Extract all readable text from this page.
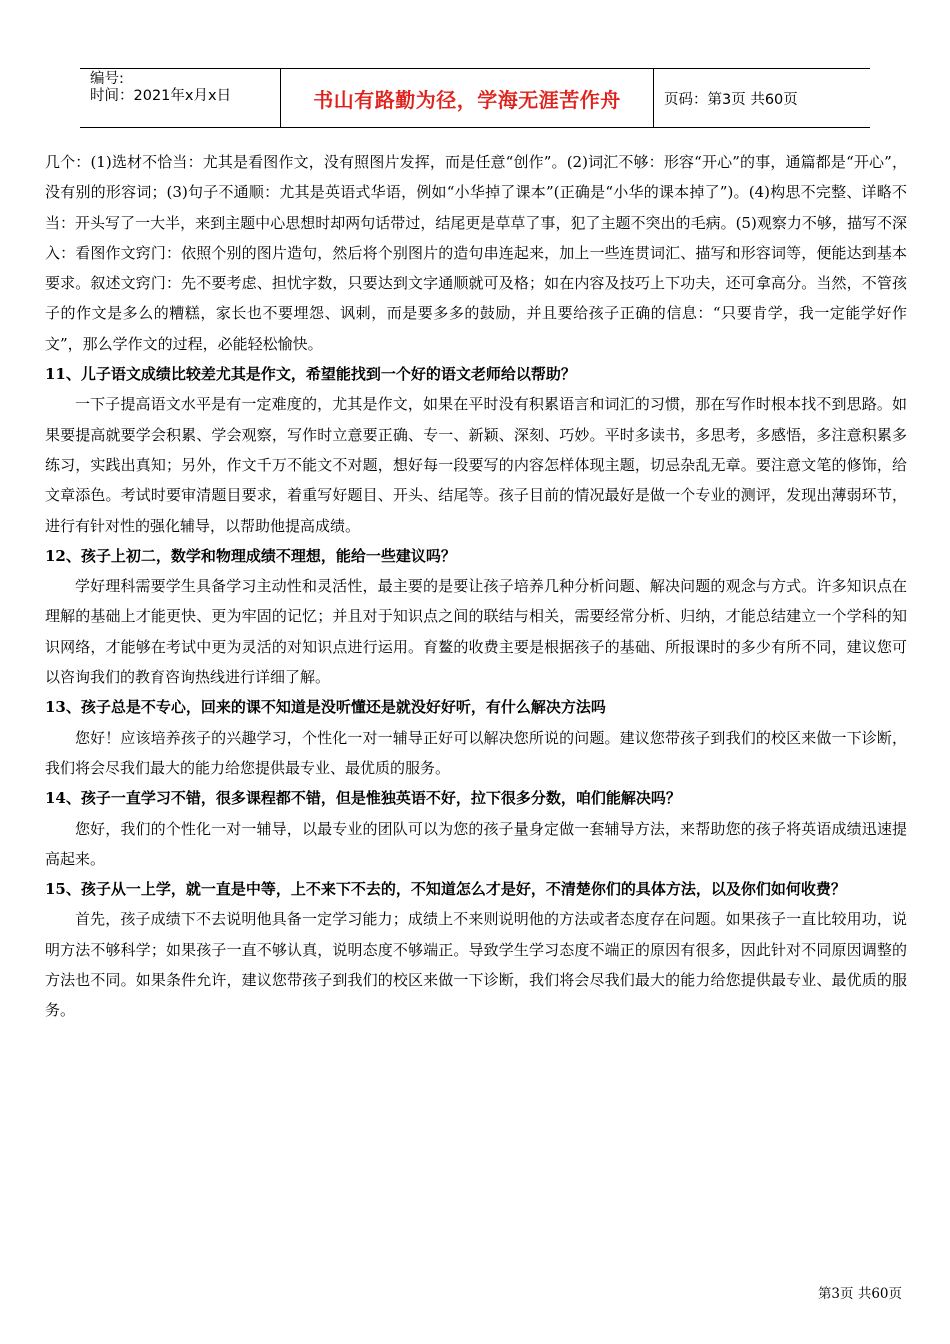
编号:
时间：2021年x月x日	书山有路勤为径，学海无涯苦作舟	页码：第3页 共60页

几个：(1)选材不恰当：尤其是看图作文，没有照图片发挥，而是任意“创作”。(2)词汇不够：形容“开心”的事，通篇都是“开心”，没有别的形容词；(3)句子不通顺：尤其是英语式华语，例如“小华掉了课本”(正确是“小华的课本掉了”)。(4)构思不完整、详略不当：开头写了一大半，来到主题中心思想时却两句话带过，结尾更是草草了事，犯了主题不突出的毛病。(5)观察力不够，描写不深入：看图作文窍门：依照个别的图片造句，然后将个别图片的造句串连起来，加上一些连贯词汇、描写和形容词等，便能达到基本要求。叙述文窍门：先不要考虑、担忧字数，只要达到文字通顺就可及格；如在内容及技巧上下功夫，还可拿高分。当然，不管孩子的作文是多么的糟糕，家长也不要埋怨、讽刺，而是要多多的鼓励，并且要给孩子正确的信息：“只要肯学，我一定能学好作文”，那么学作文的过程，必能轻松愉快。

11、儿子语文成绩比较差尤其是作文，希望能找到一个好的语文老师给以帮助？

一下子提高语文水平是有一定难度的，尤其是作文，如果在平时没有积累语言和词汇的习惯，那在写作时根本找不到思路。如果要提高就要学会积累、学会观察，写作时立意要正确、专一、新颖、深刻、巧妙。平时多读书，多思考，多感悟，多注意积累多练习，实践出真知；另外，作文千万不能文不对题，想好每一段要写的内容怎样体现主题，切忌杂乱无章。要注意文笔的修饰，给文章添色。考试时要审清题目要求，着重写好题目、开头、结尾等。孩子目前的情况最好是做一个专业的测评，发现出薄弱环节，进行有针对性的强化辅导，以帮助他提高成绩。

12、孩子上初二，数学和物理成绩不理想，能给一些建议吗？

学好理科需要学生具备学习主动性和灵活性，最主要的是要让孩子培养几种分析问题、解决问题的观念与方式。许多知识点在理解的基础上才能更快、更为牢固的记忆；并且对于知识点之间的联结与相关，需要经常分析、归纳，才能总结建立一个学科的知识网络，才能够在考试中更为灵活的对知识点进行运用。育鳌的收费主要是根据孩子的基础、所报课时的多少有所不同，建议您可以咨询我们的教育咨询热线进行详细了解。

13、孩子总是不专心，回来的课不知道是没听懂还是就没好好听，有什么解决方法吗

您好！应该培养孩子的兴趣学习，个性化一对一辅导正好可以解决您所说的问题。建议您带孩子到我们的校区来做一下诊断，我们将会尽我们最大的能力给您提供最专业、最优质的服务。

14、孩子一直学习不错，很多课程都不错，但是惟独英语不好，拉下很多分数，咱们能解决吗？

您好，我们的个性化一对一辅导，以最专业的团队可以为您的孩子量身定做一套辅导方法，来帮助您的孩子将英语成绩迅速提高起来。

15、孩子从一上学，就一直是中等，上不来下不去的，不知道怎么才是好，不清楚你们的具体方法，以及你们如何收费？

首先，孩子成绩下不去说明他具备一定学习能力；成绩上不来则说明他的方法或者态度存在问题。如果孩子一直比较用功，说明方法不够科学；如果孩子一直不够认真，说明态度不够端正。导致学生学习态度不端正的原因有很多，因此针对不同原因调整的方法也不同。如果条件允许，建议您带孩子到我们的校区来做一下诊断，我们将会尽我们最大的能力给您提供最专业、最优质的服务。

第3页 共60页
